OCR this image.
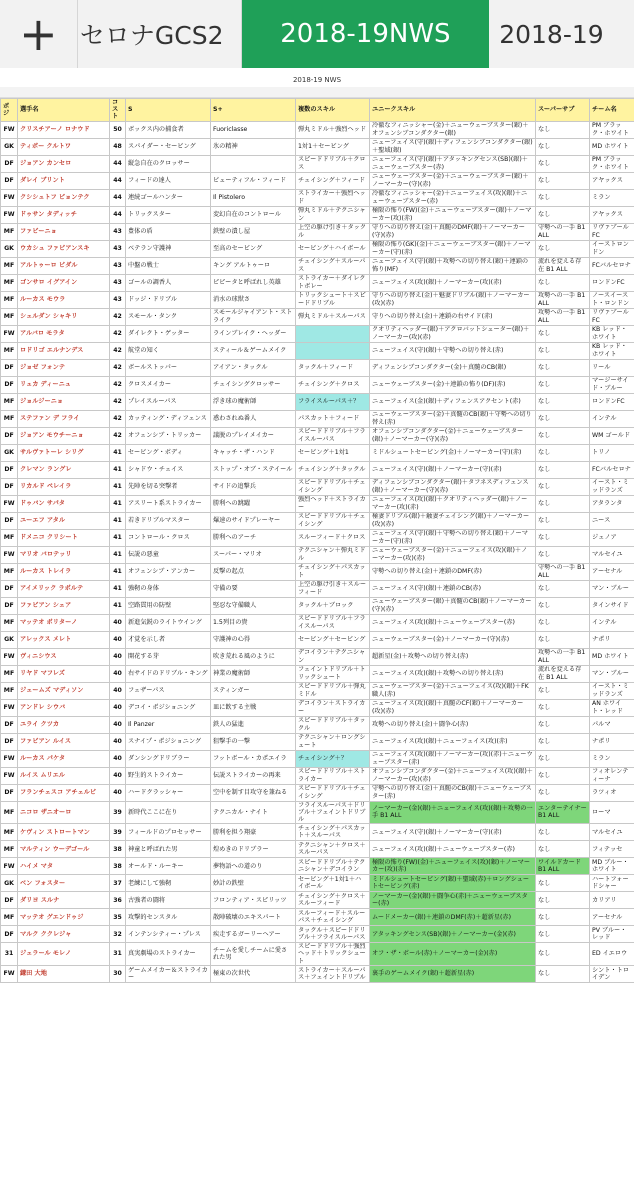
+ セロナGCS2	2018-19NWS	2018-19
2018-19 NWS
ポジ	選手名	コスト	S	S+	複数のスキル	ユニークスキル	スーパーサブ	チーム名
FW	クリスチアーノ ロナウド	50	ボックス内の捕食者	Fuoriclasse	弾丸ミドル＋強烈ヘッド	冷徹なフィニッシャー(金)＋ニューウェーブスター(銀)＋オフェンシブコンダクター(銀)	なし	PM ブラック・ホワイト
GK	ティボー クルトワ	48	スパイダー・セービング	氷の精神	1対1＋セービング	ニューフェイス(守)(銀)＋ディフェンシブコンダクター(銀)＋聖域(銀)	なし	MD ホワイト
DF	ジョアン カンセロ	44	縦急自在のクロッサー		スピードドリブル＋クロス	ニューフェイス(守)(銀)＋アタッキングセンス(SB)(銀)＋ニューウェーブスター(赤)	なし	PM ブラック・ホワイト
DF	ダレイ ブリント	44	フィードの達人	ビューティフル・フィード	チェイシング＋フィード	ニューウェーブスター(金)＋ニューウェーブスター(銀)＋ノーマーカー(守)(赤)	なし	アヤックス
FW	クシシュトフ ピョンテク	44	連続ゴールハンター	Il Pistolero	ストライカー＋強烈ヘッド	冷徹なフィニッシャー(金)＋ニューフェイス(攻)(銀)＋ニューウェーブスター(赤)	なし	ミラン
FW	ドゥサン タディッチ	44	トリックスター	変幻自在のコントロール	弾丸ミドル＋テクニシャン	極限の怖り(FW)(金)＋ニューウェーブスター(銀)＋ノーマーカー(攻)(赤)	なし	アヤックス
MF	ファビーニョ	43	豊体の盾	鉄壁の潰し屋	上空の駆け引き＋タックル	守りへの切り替え(金)＋真髄のDMF(銀)＋ノーマーカー(守)(赤)	守勢への一手 B1 ALL	リヴァプールFC
GK	ウカシュ ファビアンスキ	43	ベテラン守護神	至高のセービング	セービング＋ハイボール	極限の怖り(GK)(金)＋ニューウェーブスター(銀)＋ノーマーカー(守)(赤)	なし	イーストロンドン
MF	アルトゥーロ ビダル	43	中盤の戦士	キング アルトゥーロ	チェイシング＋スルーパス	ニューフェイス(守)(銀)＋攻勢への切り替え(銀)＋連鎖の怖り(MF)	流れを変える存在 B1 ALL	FCバルセロナ
MF	ゴンサロ イグアイン	43	ゴールの調香人	ピピータと呼ばれし英雄	ストライカー＋ダイレクトボレー	ニューフェイス(攻)(銀)＋ノーマーカー(攻)(赤)	なし	ロンドンFC
MF	ルーカス モウラ	43	ドッジ・ドリブル	消水の球獣さ	トリックシュート＋スピードドリブル	守りへの切り替え(金)＋魅妻ドリブル(銀)＋ノーマーカー(攻)(赤)	攻勢への一手 B1 ALL	ノースイースト・ロンドン
MF	シェルダン シャキリ	42	スモール・タンク	スモールジャイアント・ストライク	弾丸ミドル＋スルーパス	守りへの切り替え(金)＋連鎖の右サイド(赤)	攻勢への一手 B1 ALL	リヴァプールFC
FW	アルバロ モラタ	42	ダイレクト・ゲッター	ラインブレイク・ヘッダー		クオリティヘッダー(銀)＋アクロバットシューター(銀)＋ノーマーカー(攻)(赤)	なし	KB レッド・ホワイト
MF	ロドリゴ エルナンデス	42	航堂の知く	スティール＆ゲームメイク		ニューフェイス(守)(銀)＋守勢への切り替え(赤)	なし	KB レッド・ホワイト
DF	ジョゼ フォンテ	42	ボールストッパー	アイアン・タックル	タックル＋フィード	ディフェンシブコンダクター(金)＋真髄のCB(銀)	なし	リール
DF	リュカ ディーニュ	42	クロスメイカー	チェイシングクロッサー	チェイシング＋クロス	ニューウェーブスター(金)＋連鎖の怖り(DF)(赤)	なし	マージーサイド・ブルー
MF	ジョルジーニョ	42	プレイスルーパス	浮き球の魔術師	フライスルーパス＋？	ニューフェイス(金)(銀)＋ディフェンスアクセント(赤)	なし	ロンドンFC
MF	ステファン デ フライ	42	カッティング・ディフェンス	惑わされぬ番人	パスカット＋フィード	ニューウェーブスター(金)＋真髄のCB(銀)＋守勢への切り替え(赤)	なし	インテル
DF	ジョアン モウチーニョ	42	オフェンシブ・トリッカー	議脱のプレイメイカー	スピードドリブル＋フライスルーパス	オフェンシブコンダクター(金)＋ニューウェーブスター(銀)＋ノーマーカー(守)(赤)	なし	WM ゴールド
GK	サルヴァトーレ シリグ	41	セービング・ボディ	キャッチ・ザ・ハンド	セービング＋1対1	ミドルシュートセービング(金)＋ノーマーカー(守)(赤)	なし	トリノ
DF	クレマン ラングレ	41	シャドウ・チェイス	ストップ・オブ・ステイール	チェイシング＋タックル	ニューフェイス(守)(銀)＋ノーマーカー(守)(赤)	なし	FCバルセロナ
DF	リカルド ペレイラ	41	先陣を切る突撃者	サイドの追撃兵	スピードドリブル＋チェイシング	ディフェンシブコンダクター(銀)＋タフネスディフェンス(銀)＋ノーマーカー(守)(赤)	なし	イースト・ミッドランズ
FW	ドゥバン サパタ	41	アスリート系ストライカー	勝利への跳躍	強烈ヘッド＋ストライカー	ニューフェイス(攻)(銀)＋クオリティヘッダー(銀)＋ノーマーカー(攻)(赤)	なし	アタランタ
DF	ユーエフ アタル	41	若きドリブルマスター	爆速のサイドプレーヤー	スピードドリブル＋チェイシング	極妻ドリブル(銀)＋触妻チェイシング(銀)＋ノーマーカー(攻)(赤)	なし	ニース
MF	ドメニコ クリシート	41	コントロール・クロス	勝利へのアーチ	スルーフィード＋クロス	ニューフェイス(守)(銀)＋守勢への切り替え(銀)＋ノーマーカー(守)(赤)	なし	ジェノア
FW	マリオ バロテッリ	41	伝説の悪童	スーパー・マリオ	テクニシャン＋弾丸ミドル	ニューウェーブスター(金)＋ニューフェイス(攻)(銀)＋ノーマーカー(攻)(赤)	なし	マルセイユ
MF	ルーカス トレイラ	41	オフェンシブ・アンカー	反撃の起点	チェイシング＋パスカット	守勢への切り替え(金)＋連鎖のDMF(赤)	守勢への一手 B1 ALL	アーセナル
DF	アイメリック ラポルテ	41	強靭の身体	守備の要	上空の駆け引き＋スルーフィード	ニューフェイス(守)(銀)＋連鎖のCB(赤)	なし	マン・ブルー
DF	ファビアン シェア	41	空路貫用の防壁	堅忍な守備職人	タックル＋ブロック	ニューウェーブスター(銀)＋真髄のCB(銀)＋ノーマーカー(守)(赤)	なし	タインサイド
MF	マッテオ ポリターノ	40	新進気鋭のライトウイング	1.5列目の貴	スピードドリブル＋フライスルーパス	ニューフェイス(攻)(銀)＋ニューウェーブスター(赤)	なし	インテル
GK	アレックス メレト	40	才覚を示し者	守護神の心得	セービング＋セービング	ニューウェーブスター(金)＋ノーマーカー(守)(赤)	なし	ナポリ
FW	ヴィニシウス	40	開花する芽	吹き荒れる風のように	デコイラン＋テクニシャン	超新星(金)＋攻勢への切り替え(赤)	攻勢への一手 B1 ALL	MD ホワイト
MF	リヤド マフレズ	40	右サイドのドリブル・キング	神業の魔術師	フェイントドリブル＋トリックシュート	ニューフェイス(攻)(銀)＋攻勢への切り替え(赤)	流れを変える存在 B1 ALL	マン・ブルー
MF	ジェームズ マディソン	40	フェザーパス	スティンガー	スピードドリブル＋弾丸ミドル	ニューウェーブスター(金)＋ニューフェイス(攻)(銀)＋FK職人(赤)	なし	イースト・ミッドランズ
FW	アンドレ シウバ	40	デコイ・ポジショニング	皿に飲する主戦	デコイラン＋ストライカー	ニューフェイス(攻)(銀)＋真髄のCF(銀)＋ノーマーカー(攻)(赤)	なし	AN ホワイト・レッド
DF	ユライ クツカ	40	Il Panzer	鉄人の猛進	スピードドリブル＋タックル	攻勢への切り替え(金)＋闘争心(赤)	なし	パルマ
DF	ファビアン ルイス	40	スナイプ・ポジショニング	狙撃手の一撃	テクニシャン＋ロングシュート	ニューフェイス(攻)(銀)＋ニューフェイス(攻)(赤)	なし	ナポリ
FW	ルーカス パケタ	40	ダンシングドリブラー	フットボール・カポエイラ	チェイシング＋？	ニューフェイス(攻)(銀)＋ノーマーカー(攻)(赤)＋ニューウェーブスター(赤)	なし	ミラン
FW	ルイス ムリエル	40	野生的ストライカー	伝説ストライカーの再来	スピードドリブル＋ストライカー	オフェンシブコンダクター(金)＋ニューフェイス(攻)(銀)＋ノーマーカー(攻)(赤)	なし	フィオレンティーナ
DF	フランチェスコ アチェルビ	40	ハードクラッシャー	空中を制す目攻守を兼ねる	スピードドリブル＋チェイシング	守勢への切り替え(金)＋真髄のCB(銀)＋ニューウェーブスター(赤)	なし	ラツィオ
MF	ニコロ ザニオーロ	39	新時代ここに在り	テクニカル・ナイト	フライスルーパス＋ドリブル＋フェイントドリブル	ノーマーカー(金)(銀)＋ニューフェイス(攻)(銀)＋攻勢の一手 B1 ALL	エンターテイナー B1 ALL	ローマ
MF	ケヴィン ストロートマン	39	フィールドのプロセッサー	勝利を担う翔豪	チェイシング＋パスカット＋スルーパス	ニューフェイス(守)(銀)＋ノーマーカー(守)(赤)	なし	マルセイユ
MF	マルティン ウーデゴール	38	神童と呼ばれた男	煌めきのドリブラー	テクニシャン＋クロス＋スルーパス	ニューフェイス(攻)(銀)＋ニューウェーブスター(赤)	なし	フィテッセ
FW	ハイメ マタ	38	オールド・ルーキー	夢物語への道のり	スピードドリブル＋テクニシャン＋デコイラン	極限の怖り(FW)(金)＋ニューフェイス(攻)(銀)＋ノーマーカー(攻)(赤)	ワイルドカード B1 ALL	MD ブルー・ホワイト
GK	ベン フォスター	37	老練にして強靭	妙計の鉄壁	セービング＋1対1＋ハイボール	ミドルシュートセービング(銀)＋聖域(赤)＋ロングシュートセービング(赤)	なし	ハートフォードシャー
DF	ダリヨ スルナ	36	古強者の闘将	フロンティア・スピリッツ	チェイシング＋クロス＋スルーフィード	ノーマーカー(金)(銀)＋闘争心(赤)＋ニューウェーブスター(赤)	なし	カリアリ
MF	マッテオ グエンドゥジ	35	攻撃的センスタル	散陣破壊のエキスパート	スルーフィード＋スルーパス＋チェイシング	ムードメーカー(銀)＋連鎖のDMF(赤)＋超新星(赤)	なし	アーセナル
DF	マルク ククレジャ	32	インテンシティー・プレス	疾走するガーリーヘアー	タックル＋スピードドリブル＋フライスルーパス	アタッキングセンス(SB)(銀)＋ノーマーカー(金)(赤)	なし	PV ブルー・レッド
31	ジェラール モレノ	31	真実劇場のストライカー	チームを愛しチームに愛された男	スピードドリブル＋強烈ヘッド＋トリックシュート	オフ・ザ・ボール(赤)＋ノーマーカー(金)(赤)	なし	ED イエロウ
FW	鎌田 大地	30	ゲームメイカー＆ストライカー	極東の次世代	ストライカー＋スルーパス＋フェイントドリブル	裏手のゲームメイク(銀)＋超新星(赤)	なし	シント・トロイデン
